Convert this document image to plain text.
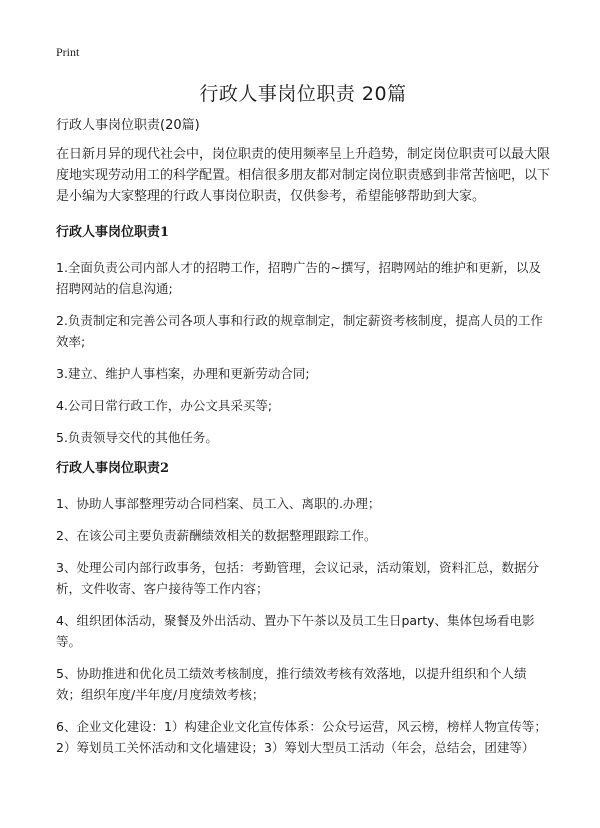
Print
行政人事岗位职责 20篇

行政人事岗位职责(20篇)

在日新月异的现代社会中，岗位职责的使用频率呈上升趋势，制定岗位职责可以最大限度地实现劳动用工的科学配置。相信很多朋友都对制定岗位职责感到非常苦恼吧，以下是小编为大家整理的行政人事岗位职责，仅供参考，希望能够帮助到大家。

行政人事岗位职责1

1.全面负责公司内部人才的招聘工作，招聘广告的~撰写，招聘网站的维护和更新，以及招聘网站的信息沟通;

2.负责制定和完善公司各项人事和行政的规章制定，制定薪资考核制度，提高人员的工作效率;

3.建立、维护人事档案，办理和更新劳动合同;

4.公司日常行政工作，办公文具采买等;

5.负责领导交代的其他任务。

行政人事岗位职责2

1、协助人事部整理劳动合同档案、员工入、离职的.办理；

2、在该公司主要负责薪酬绩效相关的数据整理跟踪工作。

3、处理公司内部行政事务，包括：考勤管理，会议记录，活动策划，资料汇总，数据分析，文件收寄、客户接待等工作内容；

4、组织团体活动，聚餐及外出活动、置办下午茶以及员工生日party、集体包场看电影等。

5、协助推进和优化员工绩效考核制度，推行绩效考核有效落地，以提升组织和个人绩效；组织年度/半年度/月度绩效考核；

6、企业文化建设：1）构建企业文化宣传体系：公众号运营，风云榜，榜样人物宣传等；2）筹划员工关怀活动和文化墙建设；3）筹划大型员工活动（年会，总结会，团建等）
